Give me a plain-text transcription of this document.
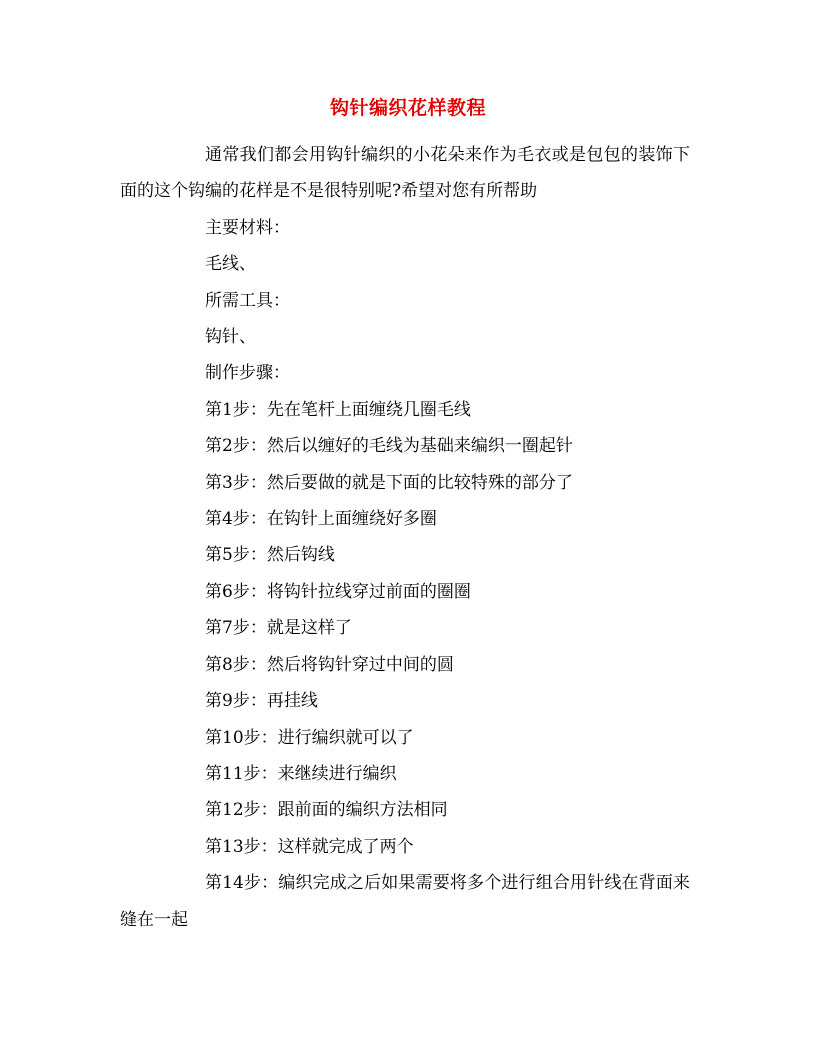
钩针编织花样教程

通常我们都会用钩针编织的小花朵来作为毛衣或是包包的装饰下面的这个钩编的花样是不是很特别呢?希望对您有所帮助

主要材料：

毛线、

所需工具：

钩针、

制作步骤：

第1步：先在笔杆上面缠绕几圈毛线

第2步：然后以缠好的毛线为基础来编织一圈起针

第3步：然后要做的就是下面的比较特殊的部分了

第4步：在钩针上面缠绕好多圈

第5步：然后钩线

第6步：将钩针拉线穿过前面的圈圈

第7步：就是这样了

第8步：然后将钩针穿过中间的圆

第9步：再挂线

第10步：进行编织就可以了

第11步：来继续进行编织

第12步：跟前面的编织方法相同

第13步：这样就完成了两个

第14步：编织完成之后如果需要将多个进行组合用针线在背面来缝在一起
